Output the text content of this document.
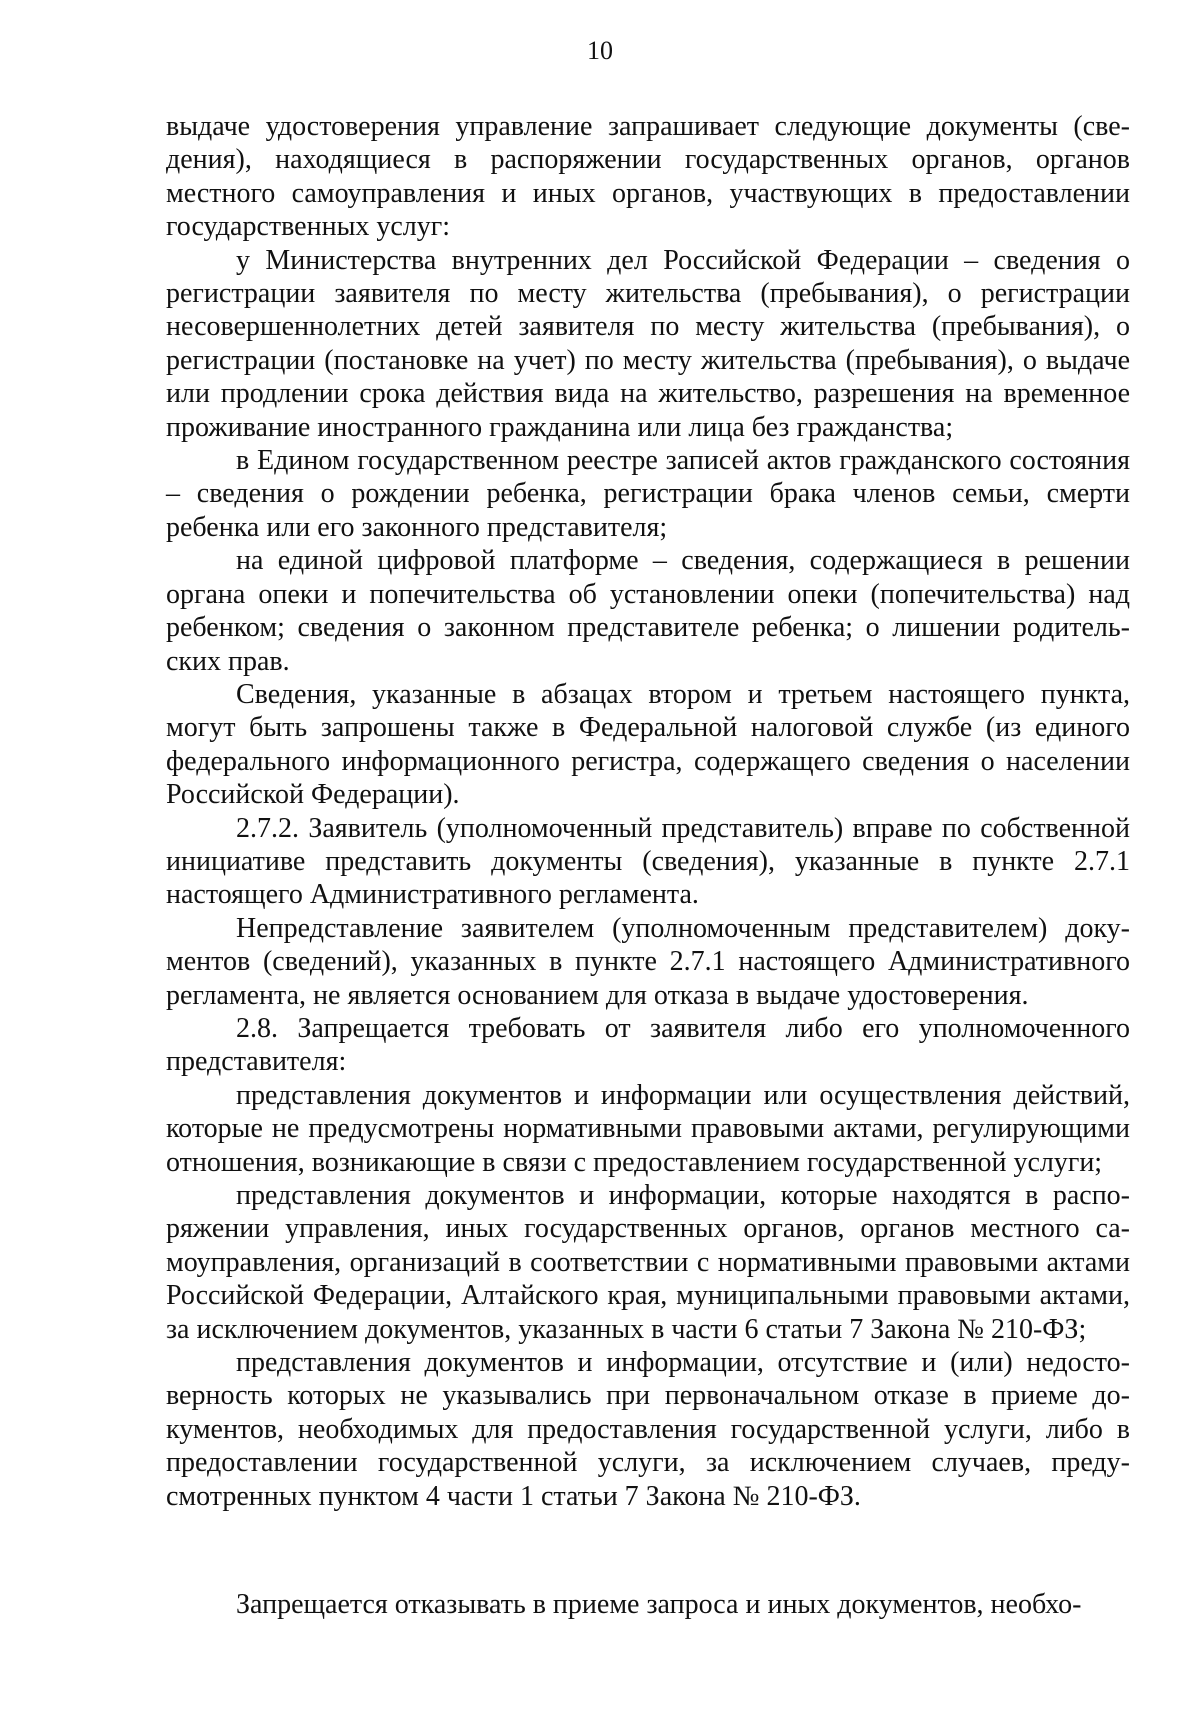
10

выдаче удостоверения управление запрашивает следующие документы (сведения), находящиеся в распоряжении государственных органов, органов местного самоуправления и иных органов, участвующих в предоставлении государственных услуг:

у Министерства внутренних дел Российской Федерации – сведения о регистрации заявителя по месту жительства (пребывания), о регистрации несовершеннолетних детей заявителя по месту жительства (пребывания), о регистрации (постановке на учет) по месту жительства (пребывания), о выдаче или продлении срока действия вида на жительство, разрешения на временное проживание иностранного гражданина или лица без гражданства;

в Едином государственном реестре записей актов гражданского состояния – сведения о рождении ребенка, регистрации брака членов семьи, смерти ребенка или его законного представителя;

на единой цифровой платформе – сведения, содержащиеся в решении органа опеки и попечительства об установлении опеки (попечительства) над ребенком; сведения о законном представителе ребенка; о лишении родительских прав.

Сведения, указанные в абзацах втором и третьем настоящего пункта, могут быть запрошены также в Федеральной налоговой службе (из единого федерального информационного регистра, содержащего сведения о населении Российской Федерации).

2.7.2. Заявитель (уполномоченный представитель) вправе по собственной инициативе представить документы (сведения), указанные в пункте 2.7.1 настоящего Административного регламента.

Непредставление заявителем (уполномоченным представителем) документов (сведений), указанных в пункте 2.7.1 настоящего Административного регламента, не является основанием для отказа в выдаче удостоверения.

2.8. Запрещается требовать от заявителя либо его уполномоченного представителя:

представления документов и информации или осуществления действий, которые не предусмотрены нормативными правовыми актами, регулирующими отношения, возникающие в связи с предоставлением государственной услуги;

представления документов и информации, которые находятся в распоряжении управления, иных государственных органов, органов местного самоуправления, организаций в соответствии с нормативными правовыми актами Российской Федерации, Алтайского края, муниципальными правовыми актами, за исключением документов, указанных в части 6 статьи 7 Закона № 210-ФЗ;

представления документов и информации, отсутствие и (или) недостоверность которых не указывались при первоначальном отказе в приеме документов, необходимых для предоставления государственной услуги, либо в предоставлении государственной услуги, за исключением случаев, предусмотренных пунктом 4 части 1 статьи 7 Закона № 210-ФЗ.

Запрещается отказывать в приеме запроса и иных документов, необхо-
